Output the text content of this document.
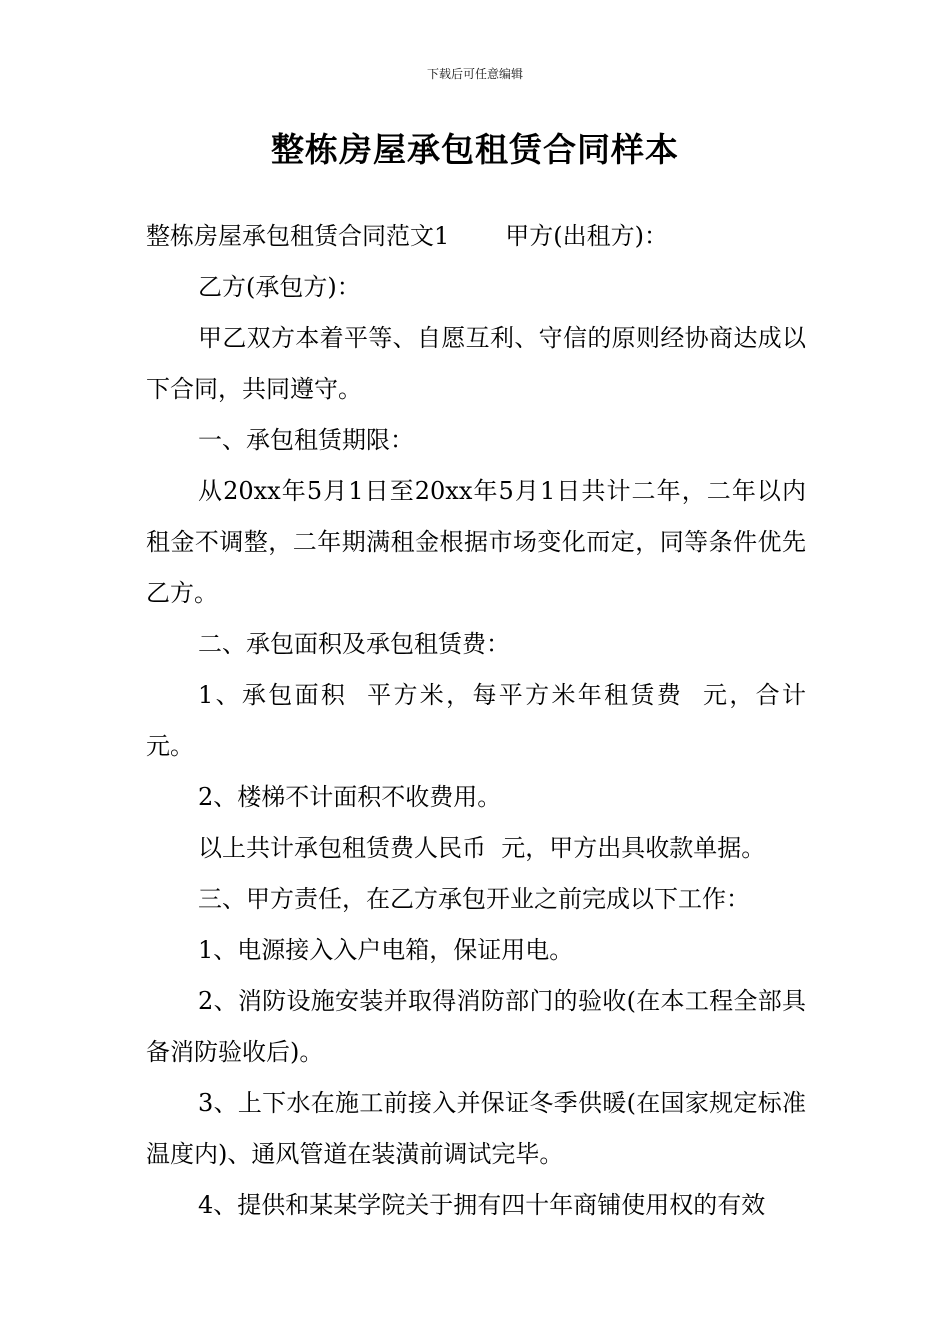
下载后可任意编辑
整栋房屋承包租赁合同样本

整栋房屋承包租赁合同范文1 甲方(出租方)：

乙方(承包方)：

甲乙双方本着平等、自愿互利、守信的原则经协商达成以下合同，共同遵守。

一、承包租赁期限：

从20xx年5月1日至20xx年5月1日共计二年，二年以内租金不调整，二年期满租金根据市场变化而定，同等条件优先乙方。

二、承包面积及承包租赁费：

1、承包面积  平方米，每平方米年租赁费  元，合计  元。

2、楼梯不计面积不收费用。

以上共计承包租赁费人民币  元，甲方出具收款单据。

三、甲方责任，在乙方承包开业之前完成以下工作：

1、电源接入入户电箱，保证用电。

2、消防设施安装并取得消防部门的验收(在本工程全部具备消防验收后)。

3、上下水在施工前接入并保证冬季供暖(在国家规定标准温度内)、通风管道在装潢前调试完毕。

4、提供和某某学院关于拥有四十年商铺使用权的有效
